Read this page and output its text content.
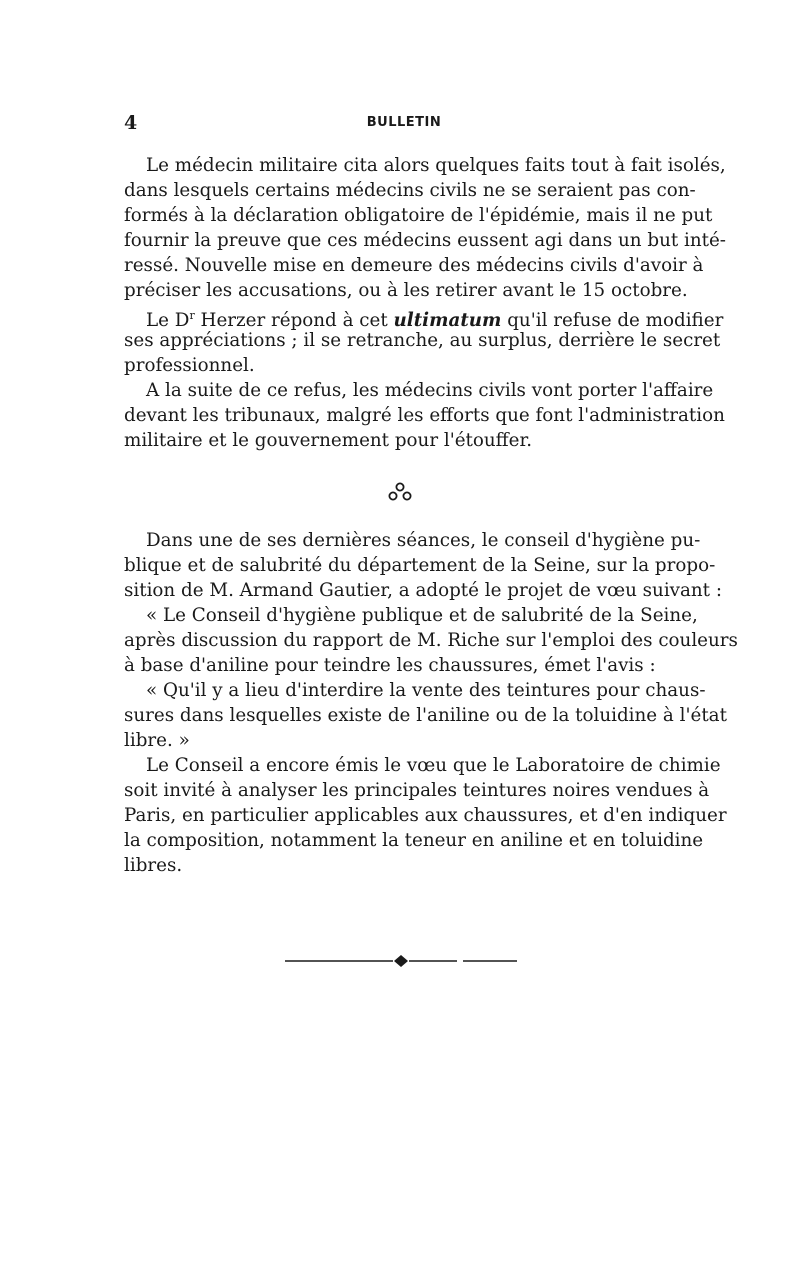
4	BULLETIN
Le médecin militaire cita alors quelques faits tout à fait isolés,
dans lesquels certains médecins civils ne se seraient pas con-
formés à la déclaration obligatoire de l'épidémie, mais il ne put
fournir la preuve que ces médecins eussent agi dans un but inté-
ressé. Nouvelle mise en demeure des médecins civils d'avoir à
préciser les accusations, ou à les retirer avant le 15 octobre.
Le $D^r$ Herzer répond à cet ultimatum qu'il refuse de modifier
ses appréciations ; il se retranche, au surplus, derrière le secret
professionnel.
A la suite de ce refus, les médecins civils vont porter l'affaire
devant les tribunaux, malgré les efforts que font l'administration
militaire et le gouvernement pour l'étouffer.
Dans une de ses dernières séances, le conseil d'hygiène pu-
blique et de salubrité du département de la Seine, sur la propo-
sition de M. Armand Gautier, a adopté le projet de vœu suivant :
« Le Conseil d'hygiène publique et de salubrité de la Seine,
après discussion du rapport de M. Riche sur l'emploi des couleurs
à base d'aniline pour teindre les chaussures, émet l'avis :
« Qu'il y a lieu d'interdire la vente des teintures pour chaus-
sures dans lesquelles existe de l'aniline ou de la toluidine à l'état
libre. »
Le Conseil a encore émis le vœu que le Laboratoire de chimie
soit invité à analyser les principales teintures noires vendues à
Paris, en particulier applicables aux chaussures, et d'en indiquer
la composition, notamment la teneur en aniline et en toluidine
libres.
